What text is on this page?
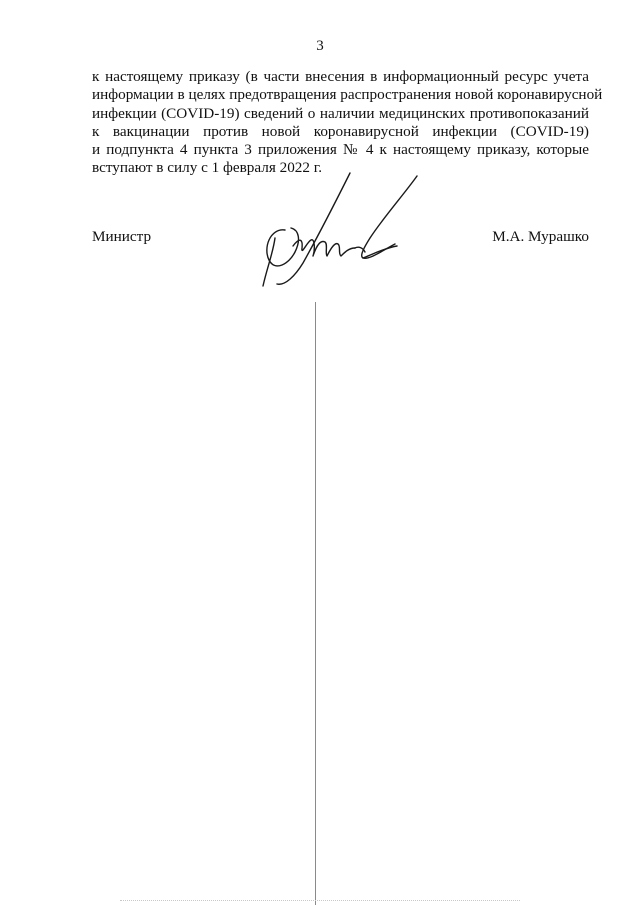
3
к настоящему приказу (в части внесения в информационный ресурс учета
информации в целях предотвращения распространения новой коронавирусной
инфекции (COVID-19) сведений о наличии медицинских противопоказаний
к вакцинации против новой коронавирусной инфекции (COVID-19)
и подпункта 4 пункта 3 приложения № 4 к настоящему приказу, которые
вступают в силу с 1 февраля 2022 г.
Министр	М.А. Мурашко
